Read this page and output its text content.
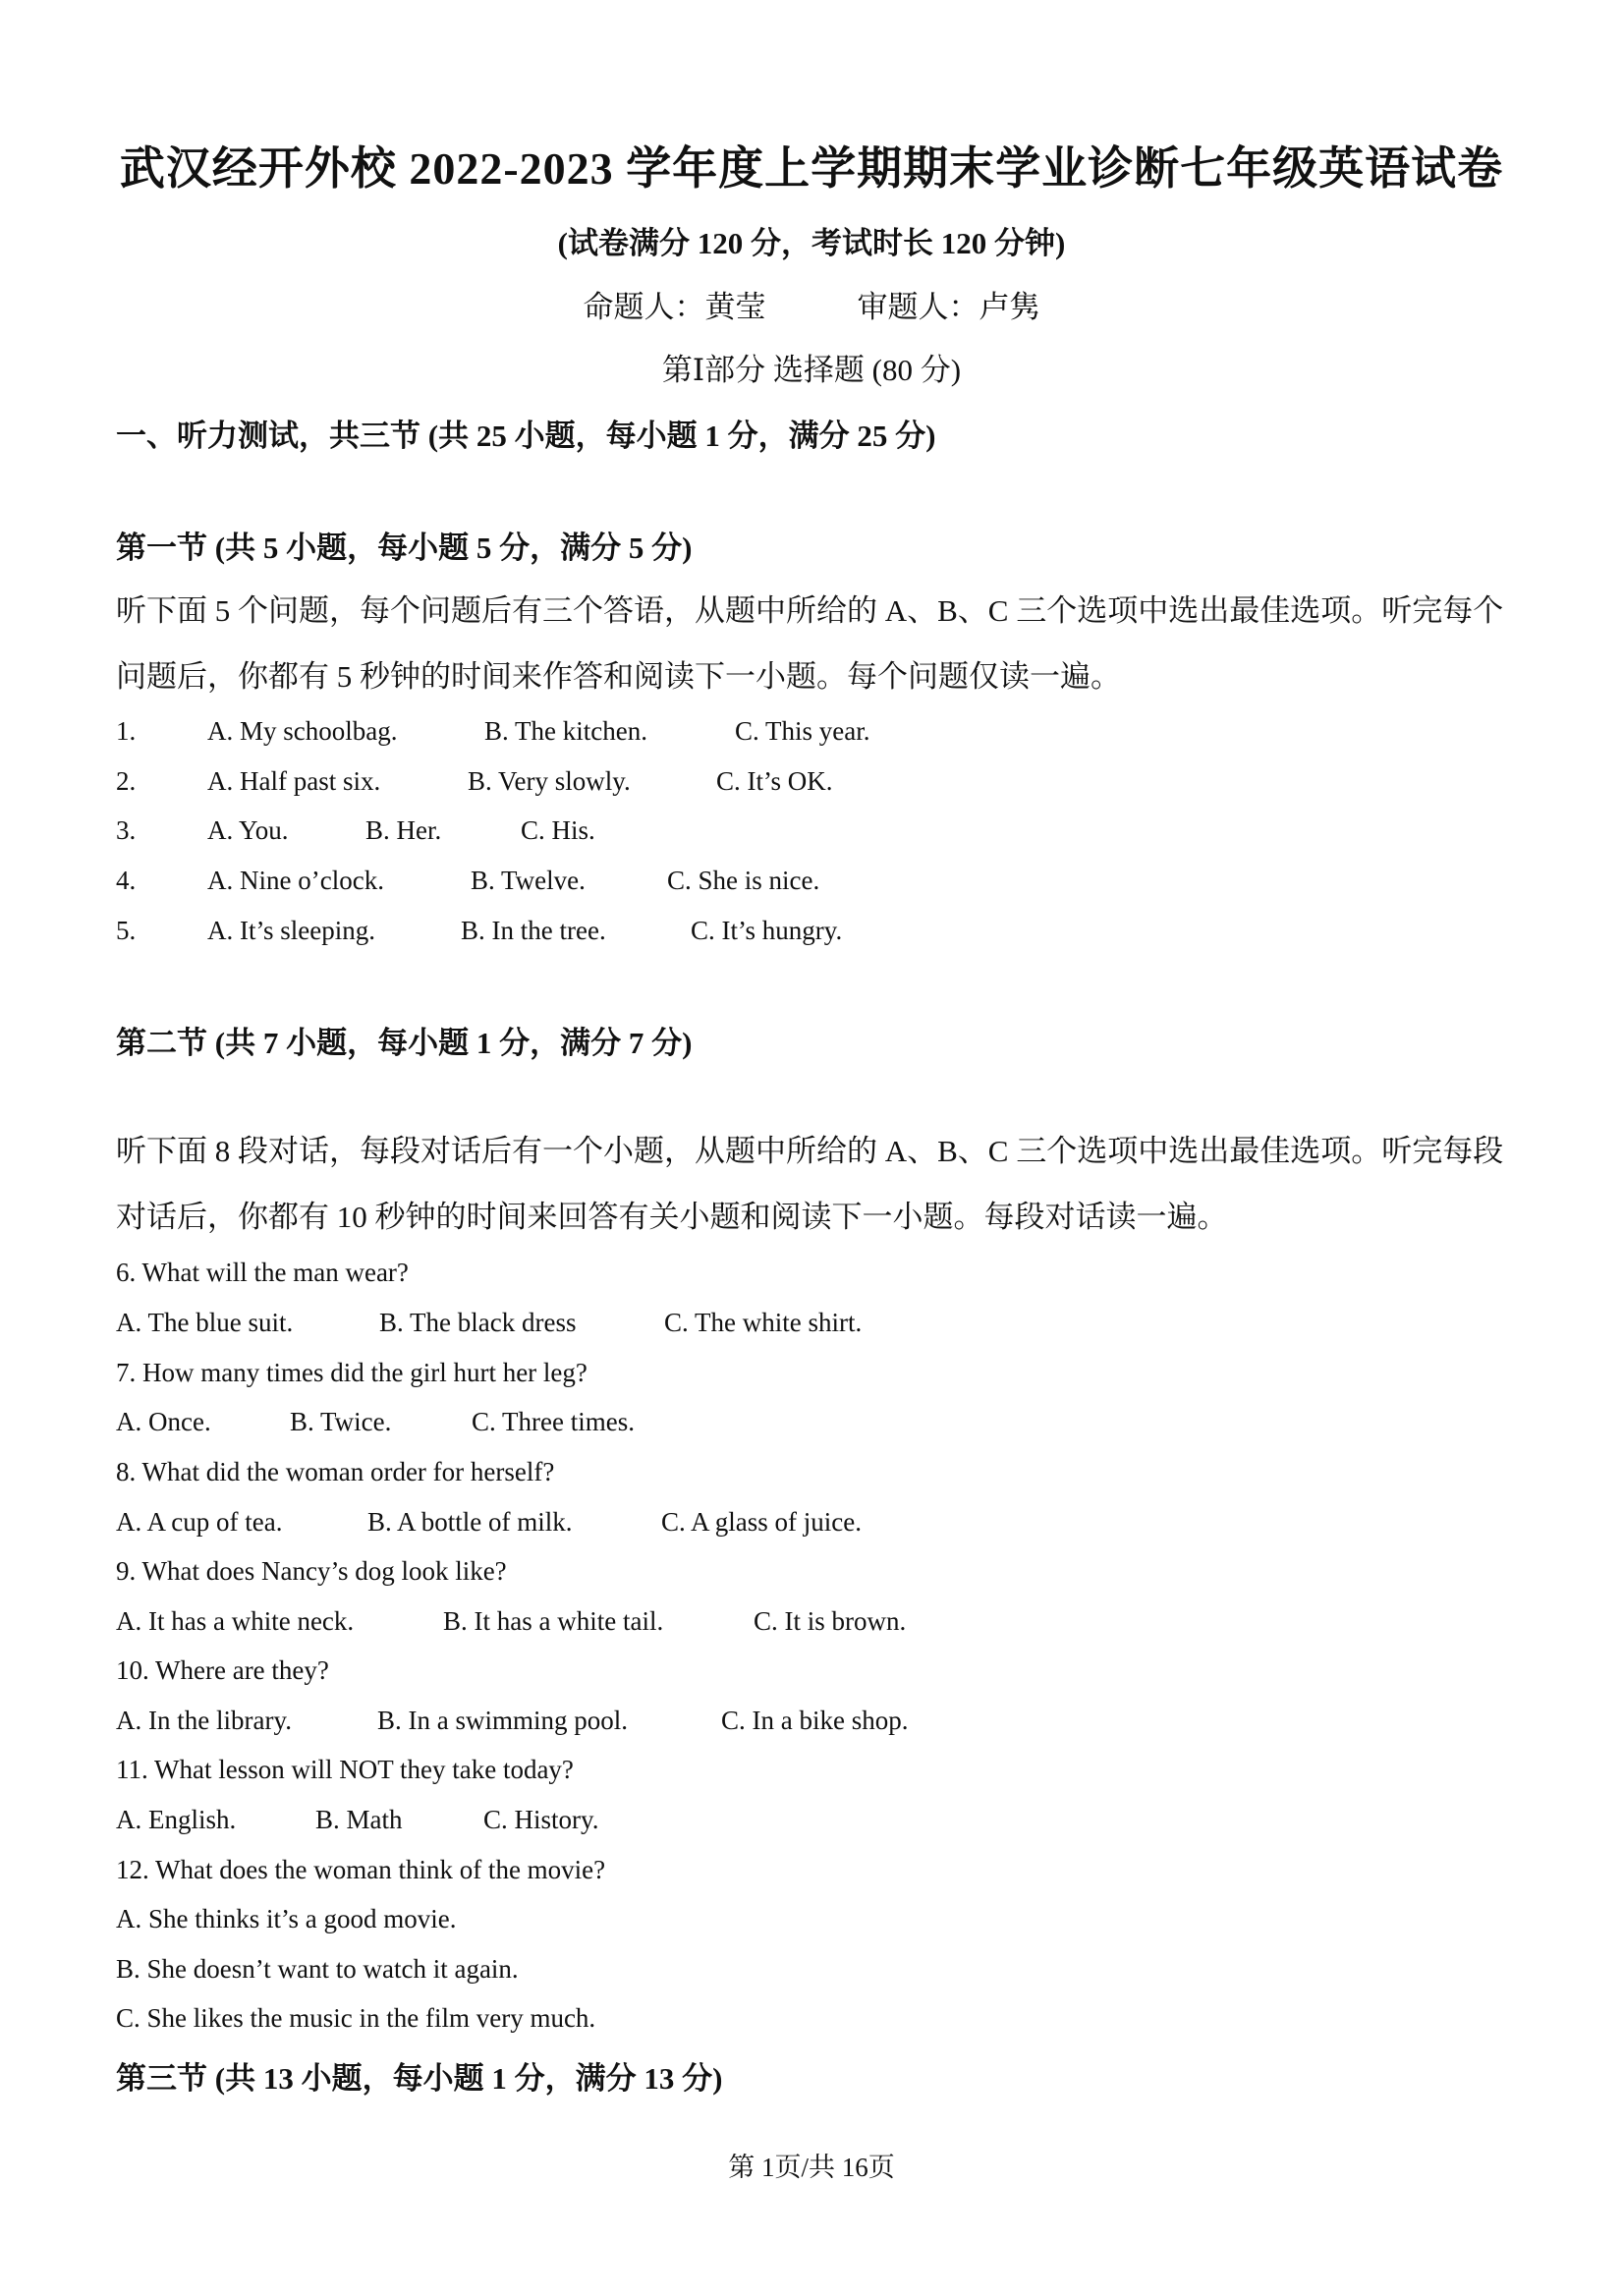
武汉经开外校 2022-2023 学年度上学期期末学业诊断七年级英语试卷
(试卷满分 120 分，考试时长 120 分钟)
命题人：黄莹　　　审题人：卢隽
第Ⅰ部分 选择题 (80 分)
一、听力测试，共三节 (共 25 小题，每小题 1 分，满分 25 分)
第一节 (共 5 小题，每小题 5 分，满分 5 分)
听下面 5 个问题，每个问题后有三个答语，从题中所给的 A、B、C 三个选项中选出最佳选项。听完每个问题后，你都有 5 秒钟的时间来作答和阅读下一小题。每个问题仅读一遍。
1.	A. My schoolbag.	B. The kitchen.	C. This year.
2.	A. Half past six.	B. Very slowly.	C. It’s OK.
3.	A. You.	B. Her.	C. His.
4.	A. Nine o’clock.	B. Twelve.	C. She is nice.
5.	A. It’s sleeping.	B. In the tree.	C. It’s hungry.
第二节 (共 7 小题，每小题 1 分，满分 7 分)
听下面 8 段对话，每段对话后有一个小题，从题中所给的 A、B、C 三个选项中选出最佳选项。听完每段对话后，你都有 10 秒钟的时间来回答有关小题和阅读下一小题。每段对话读一遍。
6. What will the man wear?
A. The blue suit.	B. The black dress	C. The white shirt.
7. How many times did the girl hurt her leg?
A. Once.	B. Twice.	C. Three times.
8. What did the woman order for herself?
A. A cup of tea.	B. A bottle of milk.	C. A glass of juice.
9. What does Nancy’s dog look like?
A. It has a white neck.	B. It has a white tail.	C. It is brown.
10. Where are they?
A. In the library.	B. In a swimming pool.	C. In a bike shop.
11. What lesson will NOT they take today?
A. English.	B. Math	C. History.
12. What does the woman think of the movie?
A. She thinks it’s a good movie.
B. She doesn’t want to watch it again.
C. She likes the music in the film very much.
第三节 (共 13 小题，每小题 1 分，满分 13 分)
第 1页/共 16页
